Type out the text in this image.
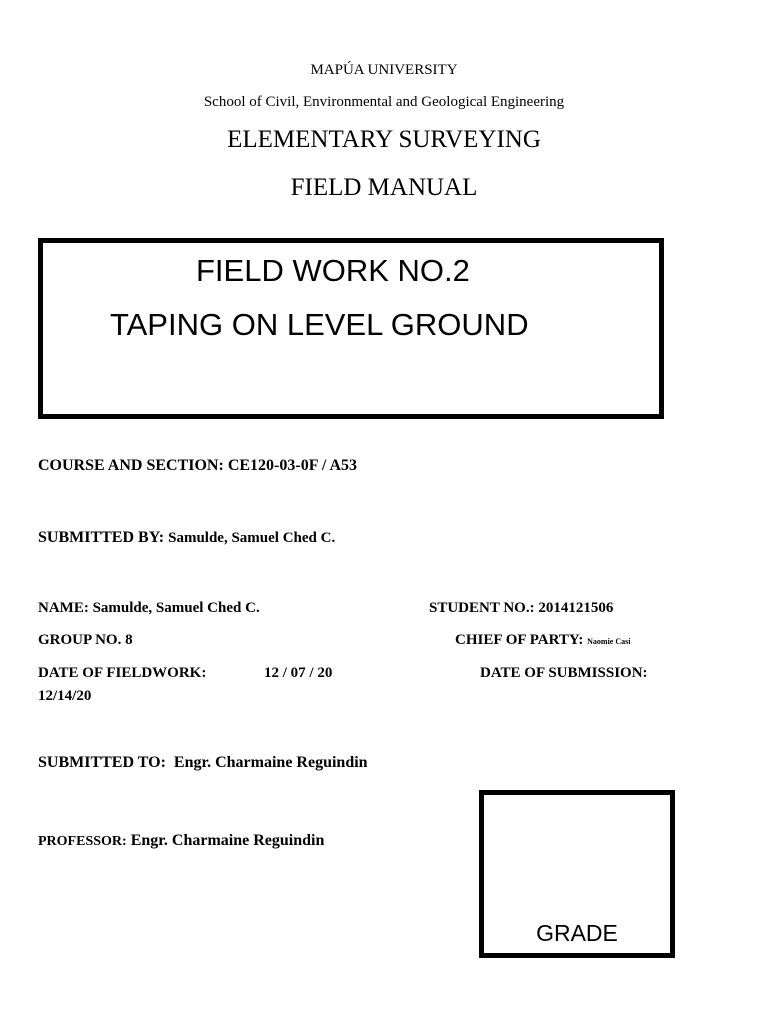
MAPÚA UNIVERSITY
School of Civil, Environmental and Geological Engineering
ELEMENTARY SURVEYING
FIELD MANUAL
FIELD WORK NO.2
TAPING ON LEVEL GROUND
COURSE AND SECTION: CE120-03-0F / A53
SUBMITTED BY: Samulde, Samuel Ched C.
NAME: Samulde, Samuel Ched C.	STUDENT NO.: 2014121506
GROUP NO. 8	CHIEF OF PARTY: Naomie Casi
DATE OF FIELDWORK:	12 / 07 / 20	DATE OF SUBMISSION:
12/14/20
SUBMITTED TO: Engr. Charmaine Reguindin
PROFESSOR: Engr. Charmaine Reguindin
GRADE
